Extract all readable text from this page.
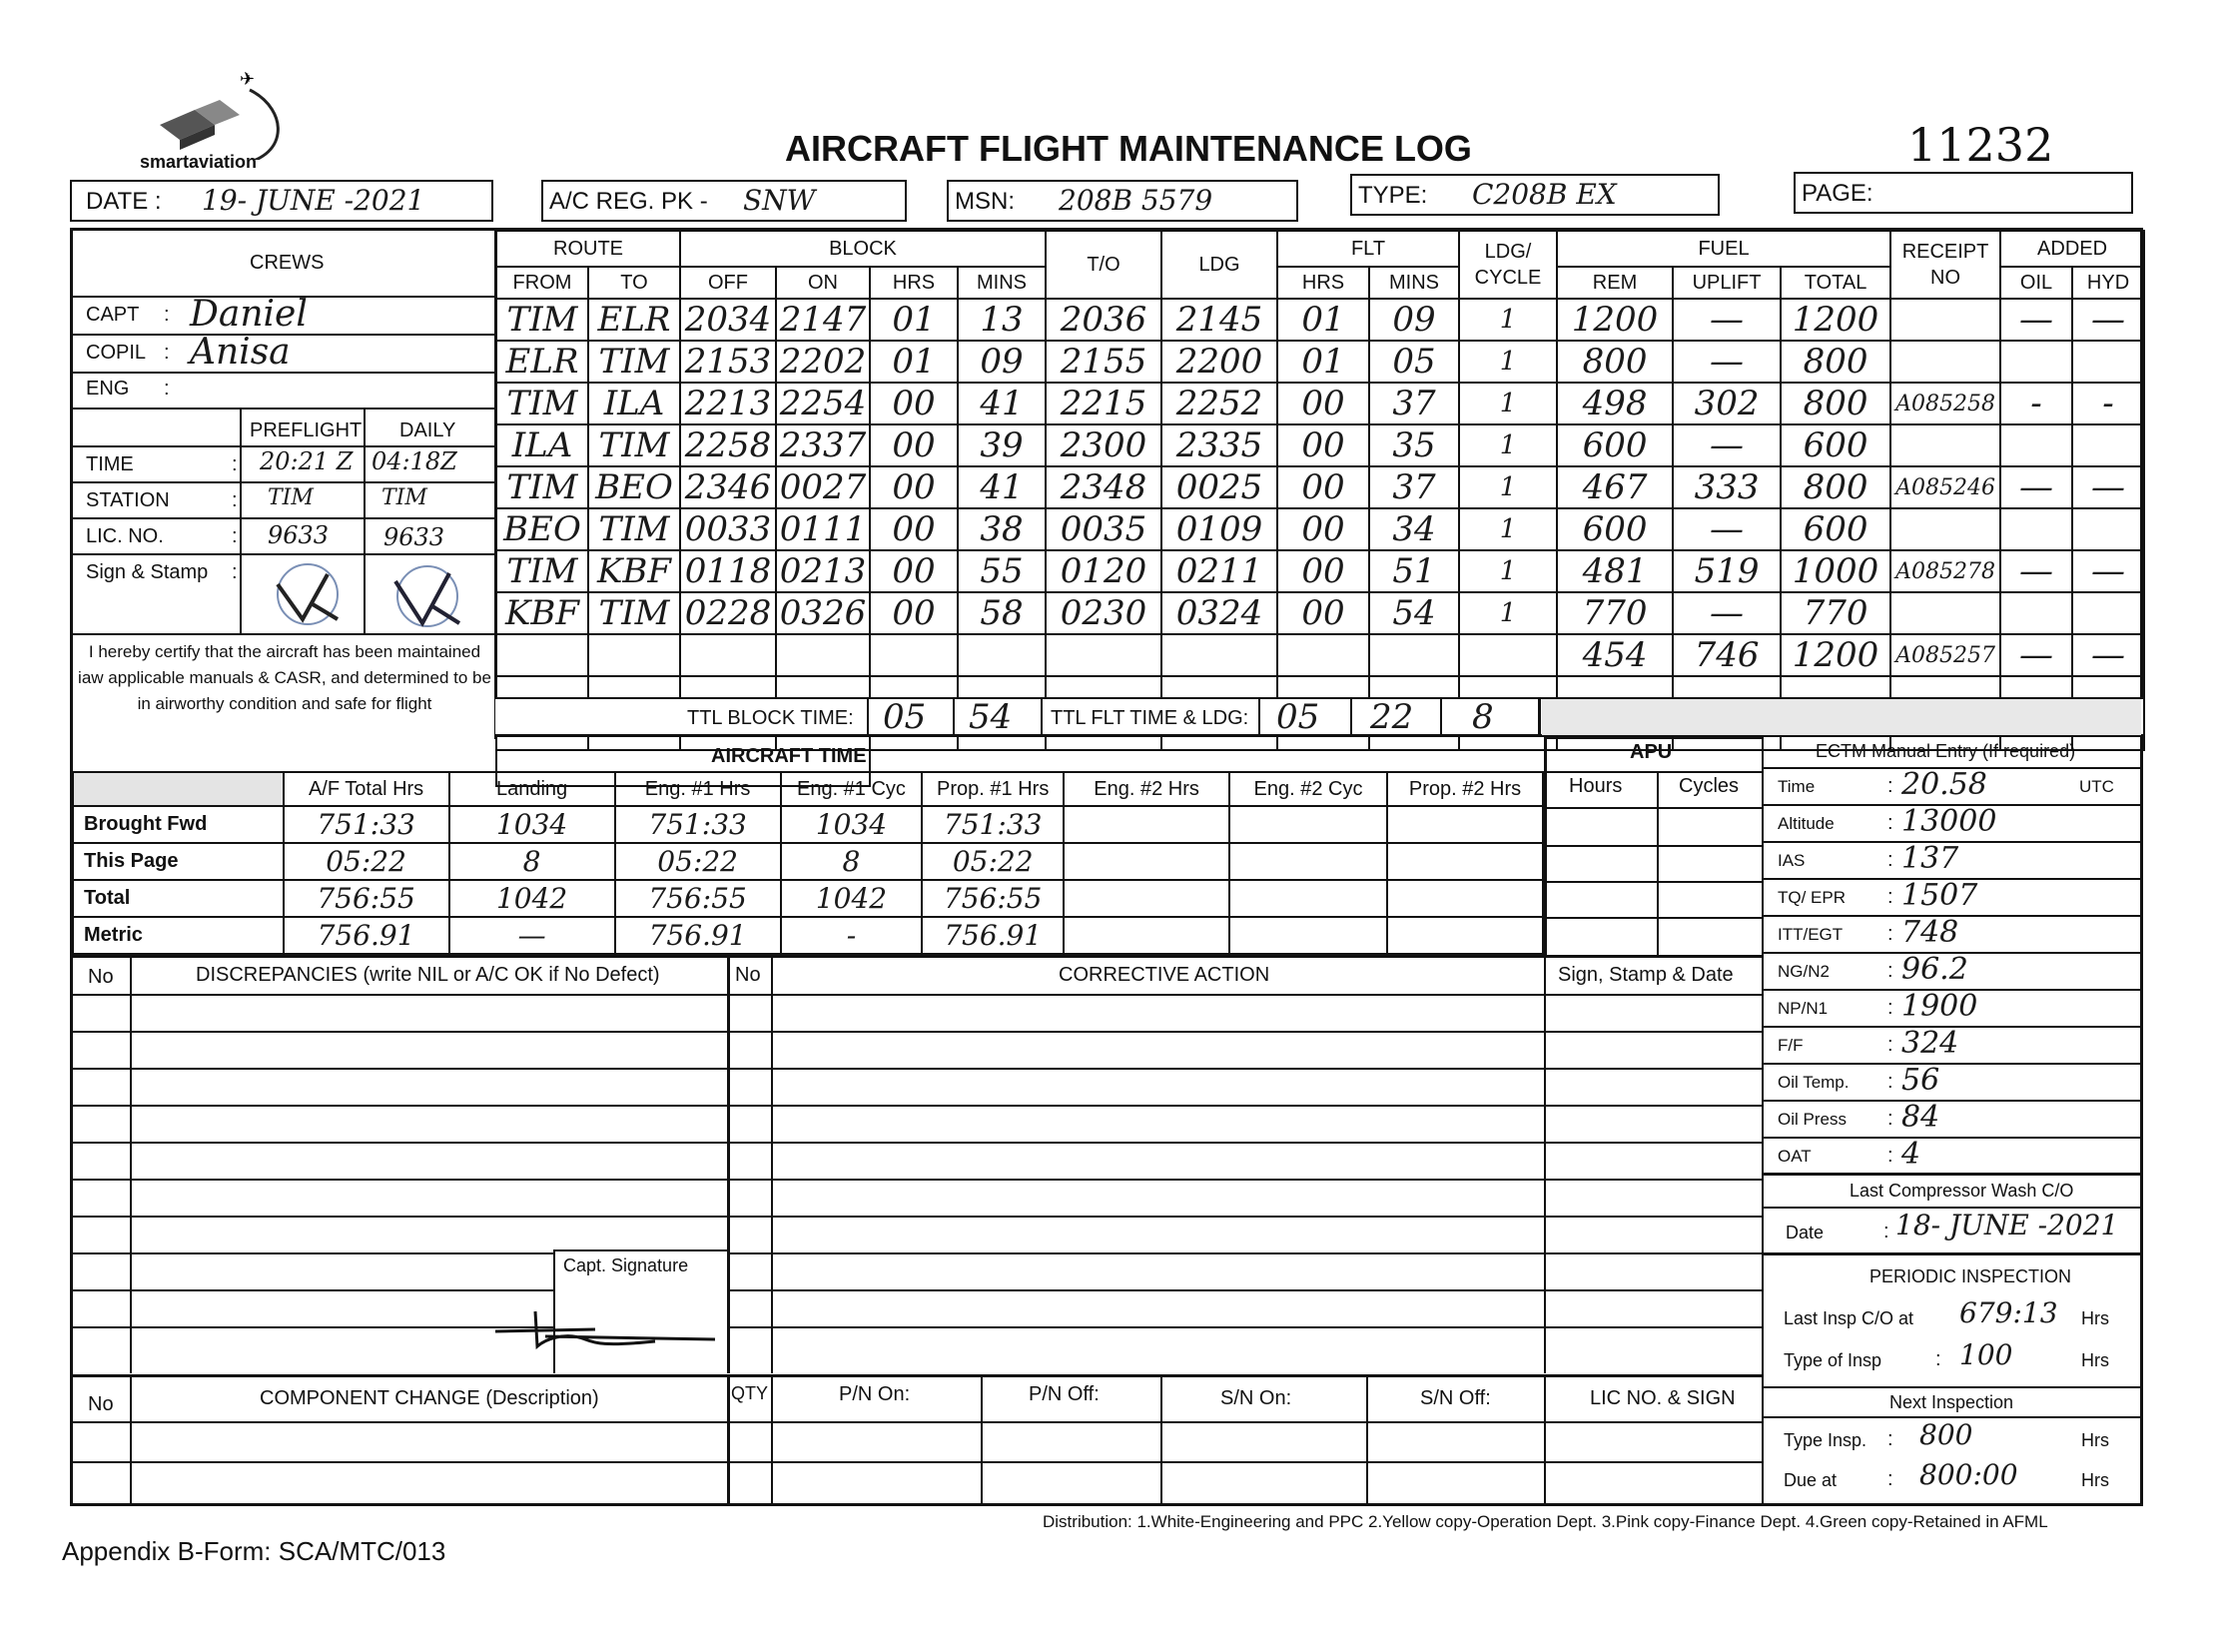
✈
smartaviation	AIRCRAFT FLIGHT MAINTENANCE LOG	11232
DATE : 19- JUNE -2021	A/C REG. PK - SNW	MSN: 208B 5579	TYPE: C208B EX	PAGE:
CREWS
CAPT : Daniel
COPIL : Anisa
ENG :
PREFLIGHT DAILY
TIME	: 20:21 Z 04:18Z
STATION	: TIM	TIM
LIC. NO.	: 9633 9633
Sign & Stamp :
I hereby certify that the aircraft has been maintained iaw applicable manuals & CASR, and determined to be in airworthy condition and safe for flight
ROUTE		BLOCK				T/O	LDG	FLT		LDG/ CYCLE	FUEL			RECEIPT NO	ADDED	
FROM	TO	OFF	ON	HRS	MINS			HRS	MINS		REM	UPLIFT	TOTAL		OIL	HYD
TIM	ELR	2034	2147	01	13	2036	2145	01	09	1	1200	—	1200		—	—
ELR	TIM	2153	2202	01	09	2155	2200	01	05	1	800	—	800			
TIM	ILA	2213	2254	00	41	2215	2252	00	37	1	498	302	800	A085258	-	-
ILA	TIM	2258	2337	00	39	2300	2335	00	35	1	600	—	600			
TIM	BEO	2346	0027	00	41	2348	0025	00	37	1	467	333	800	A085246	—	—
BEO	TIM	0033	0111	00	38	0035	0109	00	34	1	600	—	600			
TIM	KBF	0118	0213	00	55	0120	0211	00	51	1	481	519	1000	A085278	—	—
KBF	TIM	0228	0326	00	58	0230	0324	00	54	1	770	—	770			
											454	746	1200	A085257	—	—

TTL BLOCK TIME: 05 54 TTL FLT TIME & LDG: 05 22 8
AIRCRAFT TIME
	A/F Total Hrs	Landing	Eng. #1 Hrs	Eng. #1 Cyc	Prop. #1 Hrs	Eng. #2 Hrs	Eng. #2 Cyc	Prop. #2 Hrs
Brought Fwd	751:33	1034	751:33	1034	751:33			
This Page	05:22	8	05:22	8	05:22			
Total	756:55	1042	756:55	1042	756:55			
Metric	756.91	—	756.91	-	756.91			
APU
Hours	Cycles
ECTM Manual Entry (If required)
Time	: 20.58	UTC
Altitude	: 13000
IAS	: 137
TQ/ EPR : 1507
ITT/EGT : 748
NG/N2	: 96.2
NP/N1	: 1900
F/F	: 324
Oil Temp. : 56
Oil Press : 84
OAT	: 4
Last Compressor Wash C/O
Date	: 18- JUNE -2021
PERIODIC INSPECTION
Last Insp C/O at 679:13 Hrs
Type of Insp	: 100	Hrs
Next Inspection
Type Insp. : 800	Hrs
Due at	: 800:00	Hrs
No	DISCREPANCIES (write NIL or A/C OK if No Defect)	No	CORRECTIVE ACTION	Sign, Stamp & Date
Capt. Signature
No	COMPONENT CHANGE (Description)	QTY	P/N On:	P/N Off:	S/N On:	S/N Off:	LIC NO. & SIGN
Appendix B-Form: SCA/MTC/013
Distribution: 1.White-Engineering and PPC 2.Yellow copy-Operation Dept. 3.Pink copy-Finance Dept. 4.Green copy-Retained in AFML
